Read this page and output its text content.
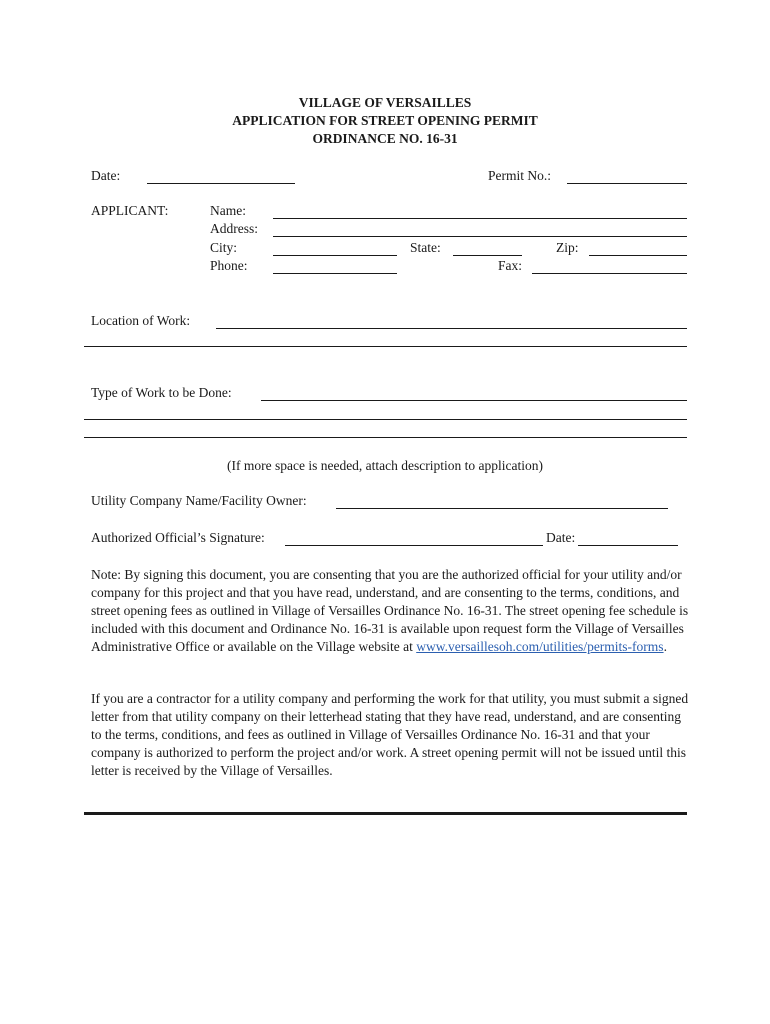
VILLAGE OF VERSAILLES
APPLICATION FOR STREET OPENING PERMIT
ORDINANCE NO. 16-31
Date:	Permit No.:
APPLICANT:	Name:
Address:
City:	State:	Zip:
Phone:	Fax:
Location of Work:
Type of Work to be Done:
(If more space is needed, attach description to application)
Utility Company Name/Facility Owner:
Authorized Official’s Signature:	Date:
Note: By signing this document, you are consenting that you are the authorized official for your utility and/or company for this project and that you have read, understand, and are consenting to the terms, conditions, and street opening fees as outlined in Village of Versailles Ordinance No. 16-31. The street opening fee schedule is included with this document and Ordinance No. 16-31 is available upon request form the Village of Versailles Administrative Office or available on the Village website at www.versaillesoh.com/utilities/permits-forms.
If you are a contractor for a utility company and performing the work for that utility, you must submit a signed letter from that utility company on their letterhead stating that they have read, understand, and are consenting to the terms, conditions, and fees as outlined in Village of Versailles Ordinance No. 16-31 and that your company is authorized to perform the project and/or work. A street opening permit will not be issued until this letter is received by the Village of Versailles.
